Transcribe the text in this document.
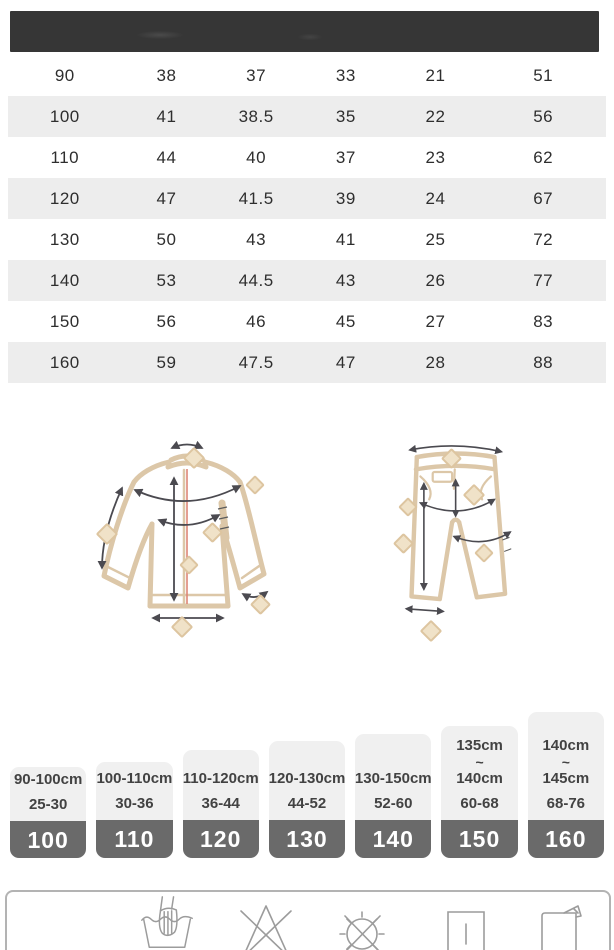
90	38	37	33	21	51
100	41	38.5	35	22	56
110	44	40	37	23	62
120	47	41.5	39	24	67
130	50	43	41	25	72
140	53	44.5	43	26	77
150	56	46	45	27	83
160	59	47.5	47	28	88
90-100cm
25-30
100
100-110cm
30-36
110
110-120cm
36-44
120
120-130cm
44-52
130
130-150cm
52-60
140
135cm
~
140cm
60-68
150
140cm
~
145cm
68-76
160
